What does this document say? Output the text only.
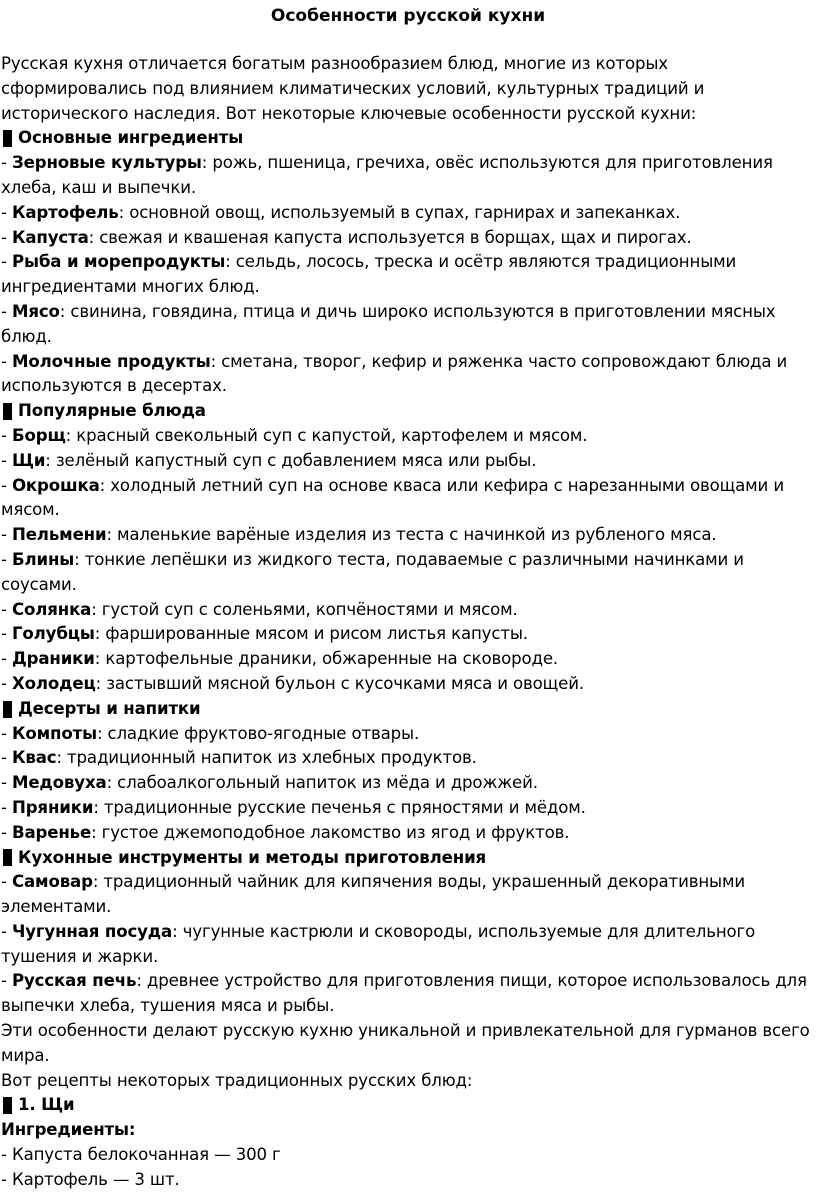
Особенности русской кухни

Русская кухня отличается богатым разнообразием блюд, многие из которых сформировались под влиянием климатических условий, культурных традиций и исторического наследия. Вот некоторые ключевые особенности русской кухни:

Основные ингредиенты

- Зерновые культуры: рожь, пшеница, гречиха, овёс используются для приготовления хлеба, каш и выпечки.

- Картофель: основной овощ, используемый в супах, гарнирах и запеканках.

- Капуста: свежая и квашеная капуста используется в борщах, щах и пирогах.

- Рыба и морепродукты: сельдь, лосось, треска и осётр являются традиционными ингредиентами многих блюд.

- Мясо: свинина, говядина, птица и дичь широко используются в приготовлении мясных блюд.

- Молочные продукты: сметана, творог, кефир и ряженка часто сопровождают блюда и используются в десертах.

Популярные блюда

- Борщ: красный свекольный суп с капустой, картофелем и мясом.

- Щи: зелёный капустный суп с добавлением мяса или рыбы.

- Окрошка: холодный летний суп на основе кваса или кефира с нарезанными овощами и мясом.

- Пельмени: маленькие варёные изделия из теста с начинкой из рубленого мяса.

- Блины: тонкие лепёшки из жидкого теста, подаваемые с различными начинками и соусами.

- Солянка: густой суп с соленьями, копчёностями и мясом.

- Голубцы: фаршированные мясом и рисом листья капусты.

- Драники: картофельные драники, обжаренные на сковороде.

- Холодец: застывший мясной бульон с кусочками мяса и овощей.

Десерты и напитки

- Компоты: сладкие фруктово-ягодные отвары.

- Квас: традиционный напиток из хлебных продуктов.

- Медовуха: слабоалкогольный напиток из мёда и дрожжей.

- Пряники: традиционные русские печенья с пряностями и мёдом.

- Варенье: густое джемоподобное лакомство из ягод и фруктов.

Кухонные инструменты и методы приготовления

- Самовар: традиционный чайник для кипячения воды, украшенный декоративными элементами.

- Чугунная посуда: чугунные кастрюли и сковороды, используемые для длительного тушения и жарки.

- Русская печь: древнее устройство для приготовления пищи, которое использовалось для выпечки хлеба, тушения мяса и рыбы.

Эти особенности делают русскую кухню уникальной и привлекательной для гурманов всего мира.

Вот рецепты некоторых традиционных русских блюд:

1. Щи

Ингредиенты:

- Капуста белокочанная — 300 г

- Картофель — 3 шт.
